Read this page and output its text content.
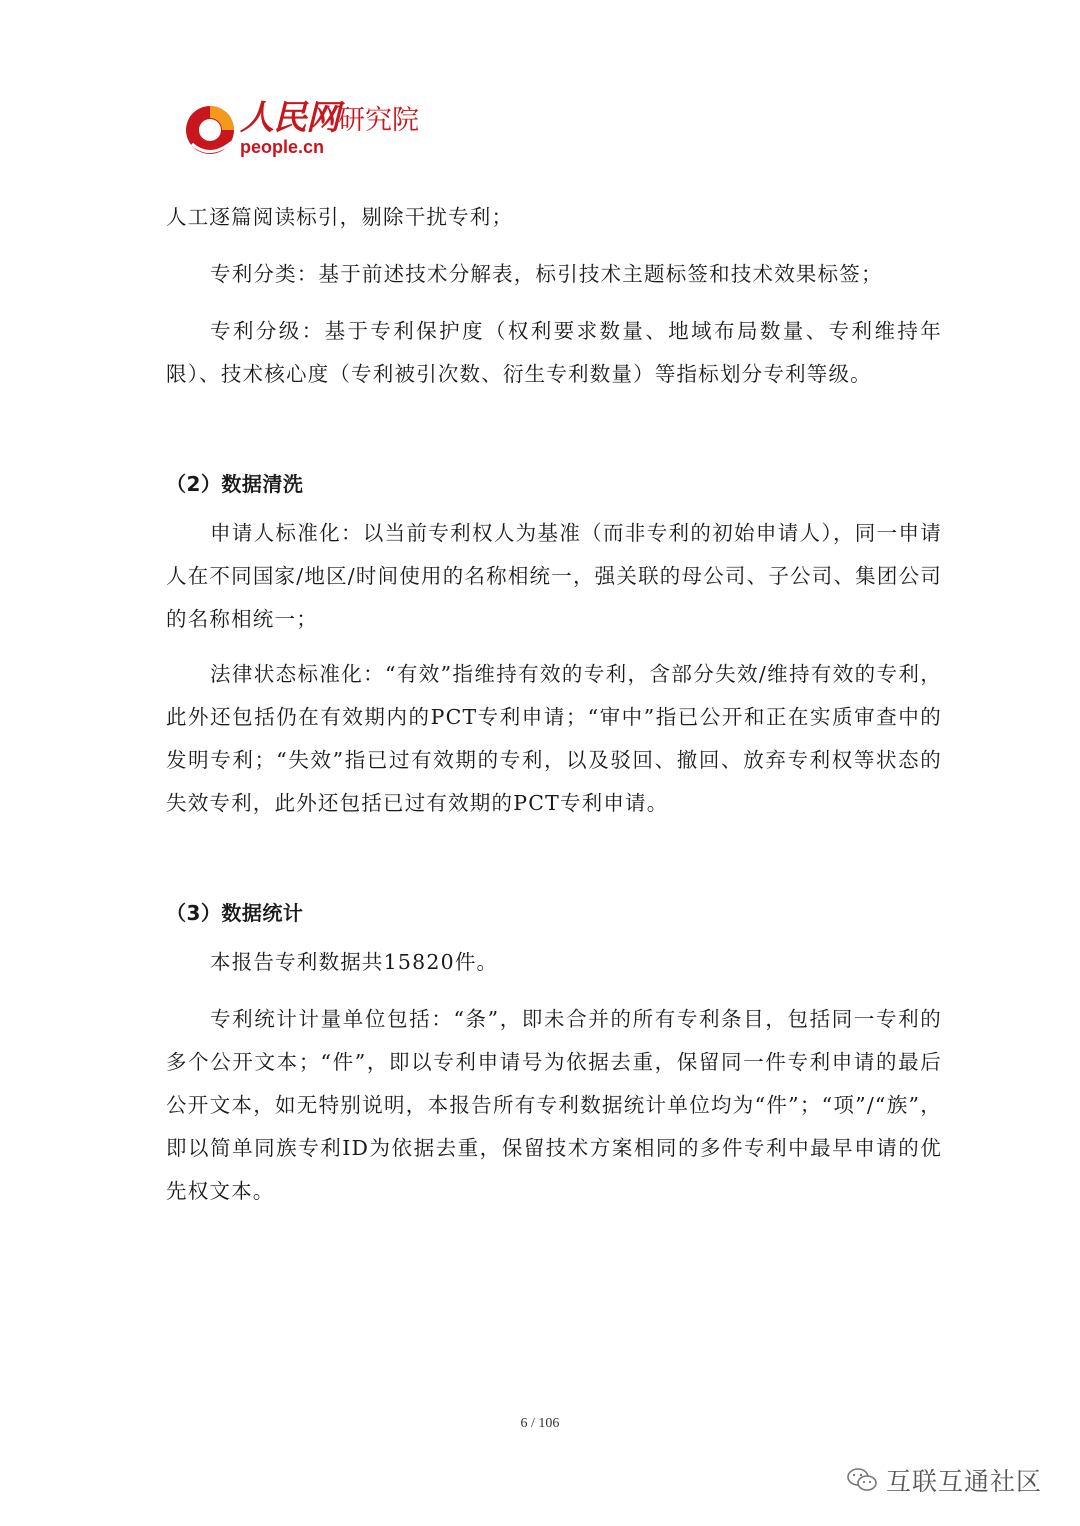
人民网 研究院
people.cn

人工逐篇阅读标引，剔除干扰专利；

专利分类：基于前述技术分解表，标引技术主题标签和技术效果标签；

专利分级：基于专利保护度（权利要求数量、地域布局数量、专利维持年限）、技术核心度（专利被引次数、衍生专利数量）等指标划分专利等级。

（2）数据清洗

申请人标准化：以当前专利权人为基准（而非专利的初始申请人），同一申请人在不同国家/地区/时间使用的名称相统一，强关联的母公司、子公司、集团公司的名称相统一；

法律状态标准化：“有效”指维持有效的专利，含部分失效/维持有效的专利，此外还包括仍在有效期内的PCT专利申请；“审中”指已公开和正在实质审查中的发明专利；“失效”指已过有效期的专利，以及驳回、撤回、放弃专利权等状态的失效专利，此外还包括已过有效期的PCT专利申请。

（3）数据统计

本报告专利数据共15820件。

专利统计计量单位包括：“条”，即未合并的所有专利条目，包括同一专利的多个公开文本；“件”，即以专利申请号为依据去重，保留同一件专利申请的最后公开文本，如无特别说明，本报告所有专利数据统计单位均为“件”；“项”/“族”，即以简单同族专利ID为依据去重，保留技术方案相同的多件专利中最早申请的优先权文本。

6 / 106
互联互通社区
